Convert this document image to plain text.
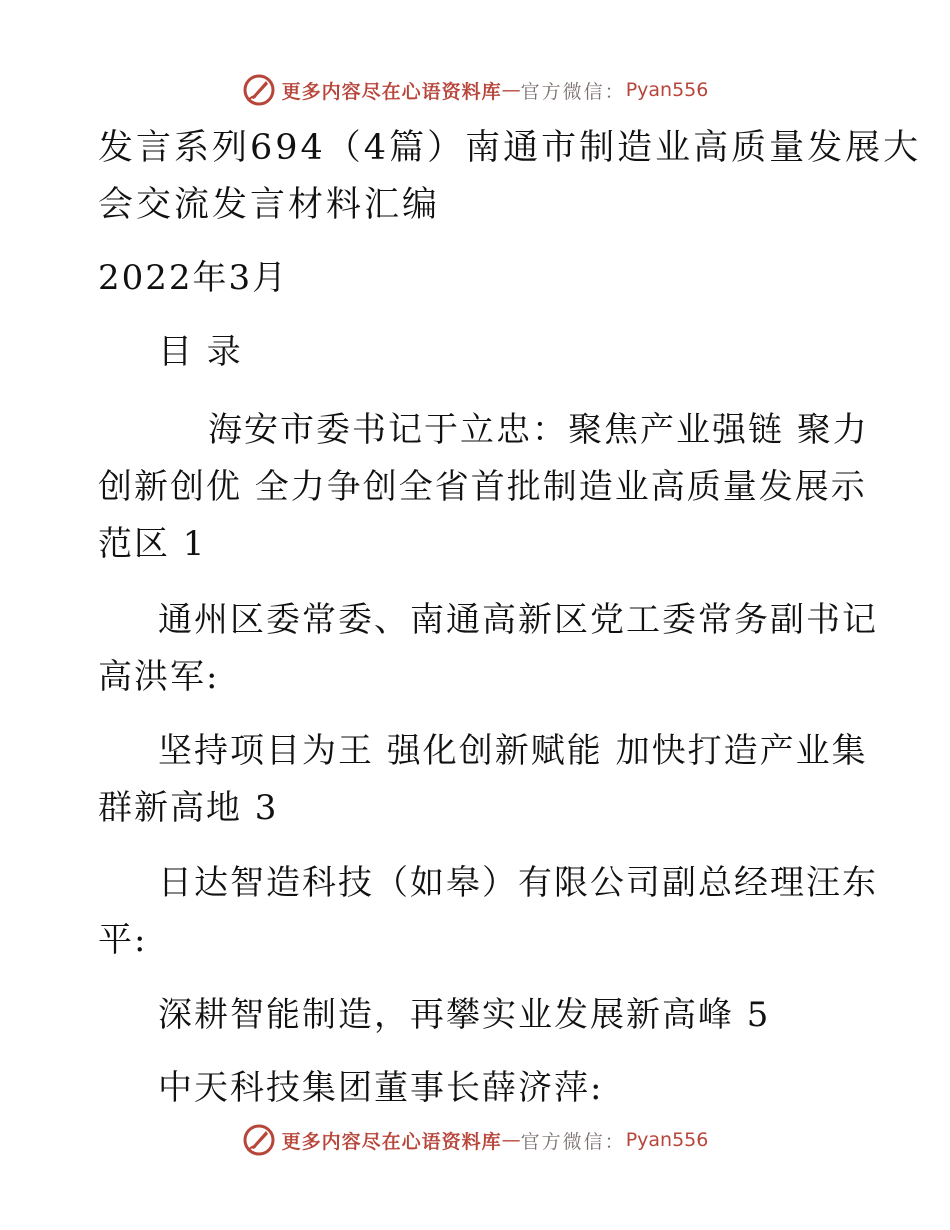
更多内容尽在心语资料库 — 官方微信： Pyan556
发言系列694（4篇）南通市制造业高质量发展大
会交流发言材料汇编
2022年3月
目 录
海安市委书记于立忠：聚焦产业强链 聚力
创新创优 全力争创全省首批制造业高质量发展示
范区 1
通州区委常委、南通高新区党工委常务副书记
高洪军:
坚持项目为王 强化创新赋能 加快打造产业集
群新高地 3
日达智造科技（如皋）有限公司副总经理汪东
平:
深耕智能制造，再攀实业发展新高峰 5
中天科技集团董事长薛济萍:
更多内容尽在心语资料库 — 官方微信： Pyan556
